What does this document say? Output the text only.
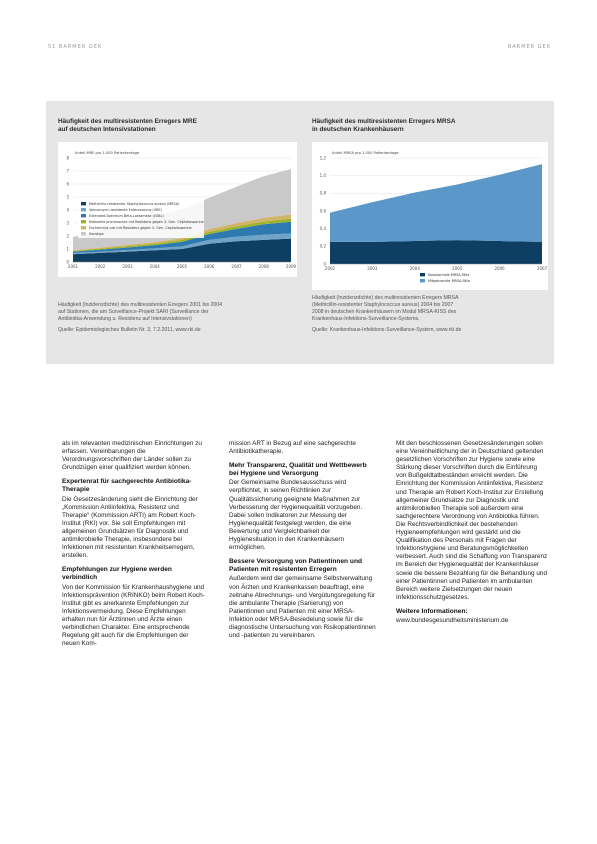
51 BARMER GEK	BARMER GEK
Häufigkeit des multiresistenten Erregers MRE
auf deutschen Intensivstationen
Anteil MRE pro 1.000 Patiententage
0
1
2
3
4
5
6
7
8
2001	2002	2003	2004	2005	2006	2007	2008	2009
Methicillin-resistenter Staphylococcus aureus (MRSA)
Vancomycin-resistente Enterococcus (VRE)
Extended-Spectrum Beta-Laktamase (ESBL)
Klebsiella pneumoniae mit Resistenz gegen 3. Gen. Cephalosporine
Escherichia coli mit Resistenz gegen 3. Gen. Cephalosporine
Sonstige
Häufigkeit (Inzidenzdichte) des multiresistenten Erregers 2001 bis 2004
auf Stationen, die am Surveillance-Projekt SARI (Surveillance der
Antibiotika-Anwendung u. Resistenz auf Intensivstationen)
Quelle: Epidemiologisches Bulletin Nr. 3, 7.2.2011, www.rki.de
Häufigkeit des multiresistenten Erregers MRSA
in deutschen Krankenhäusern
Anteil MRSA pro 1.000 Patiententage
0
0,2
0,4
0,6
0,8
1,0
1,2
2002	2003	2004	2005	2006	2007
Nosokomiale MRSA-Fälle
Mitgebrachte MRSA-Fälle
Häufigkeit (Inzidenzdichte) des multiresistenten Erregers MRSA
(Methicillin-resistenter Staphylococcus aureus) 2004 bis 2007
2008 in deutschen Krankenhäusern im Modul MRSA-KISS des
Krankenhaus-Infektions-Surveillance-Systems.
Quelle: Krankenhaus-Infektions-Surveillance-System, www.rki.de

als im relevanten medizinischen Einrichtungen zu erfassen. Vereinbarungen die Verordnungsvorschriften der Länder sollen zu Grundzügen einer qualifiziert werden können.

Expertenrat für sachgerechte Antibiotika-Therapie

Die Gesetzesänderung sieht die Einrichtung der „Kommission Antiinfektiva, Resistenz und Therapie“ (Kommission ARTI) am Robert Koch-Institut (RKI) vor. Sie soll Empfehlungen mit allgemeinen Grundsätzen für Diagnostik und antimikrobielle Therapie, insbesondere bei Infektionen mit resistenten Krankheitserregern, erstellen.

Empfehlungen zur Hygiene werden verbindlich

Von der Kommission für Krankenhaushygiene und Infektionsprävention (KRINKO) beim Robert Koch-Institut gibt es anerkannte Empfehlungen zur Infektionsvermeidung. Diese Empfehlungen erhalten nun für Ärztinnen und Ärzte einen verbindlichen Charakter. Eine entsprechende Regelung gilt auch für die Empfehlungen der neuen Kom-

mission ART in Bezug auf eine sachgerechte Antibiotikatherapie.

Mehr Transparenz, Qualität und Wettbewerb bei Hygiene und Versorgung

Der Gemeinsame Bundesausschuss wird verpflichtet, in seinen Richtlinien zur Qualitätssicherung geeignete Maßnahmen zur Verbesserung der Hygienequalität vorzugeben. Dabei sollen Indikatoren zur Messung der Hygienequalität festgelegt werden, die eine Bewertung und Vergleichbarkeit der Hygienesituation in den Krankenhäusern ermöglichen.

Bessere Versorgung von Patientinnen und Patienten mit resistenten Erregern

Außerdem wird der gemeinsame Selbstverwaltung von Ärzten und Krankenkassen beauftragt, eine zeitnahe Abrechnungs- und Vergütungsregelung für die ambulante Therapie (Sanierung) von Patientinnen und Patienten mit einer MRSA-Infektion oder MRSA-Besiedelung sowie für die diagnostische Untersuchung von Risikopatientinnen und -patienten zu vereinbaren.

Mit den beschlossenen Gesetzesänderungen sollen eine Vereinheitlichung der in Deutschland geltenden gesetzlichen Vorschriften zur Hygiene sowie eine Stärkung dieser Vorschriften durch die Einführung von Bußgeldtatbeständen erreicht werden. Die Einrichtung der Kommission Antiinfektiva, Resistenz und Therapie am Robert Koch-Institut zur Erstellung allgemeiner Grundsätze zur Diagnostik und antimikrobiellen Therapie soll außerdem eine sachgerechtere Verordnung von Antibiotika führen. Die Rechtsverbindlichkeit der bestehenden Hygieneempfehlungen wird gestärkt und die Qualifikation des Personals mit Fragen der Infektionshygiene und Beratungsmöglichkeiten verbessert. Auch sind die Schaffung von Transparenz im Bereich der Hygienequalität der Krankenhäuser sowie die bessere Bezahlung für die Behandlung und einer Patientinnen und Patienten im ambulanten Bereich weitere Zielsetzungen der neuen Infektionsschutzgesetzes.

Weitere Informationen:

www.bundesgesundheitsministerium.de
